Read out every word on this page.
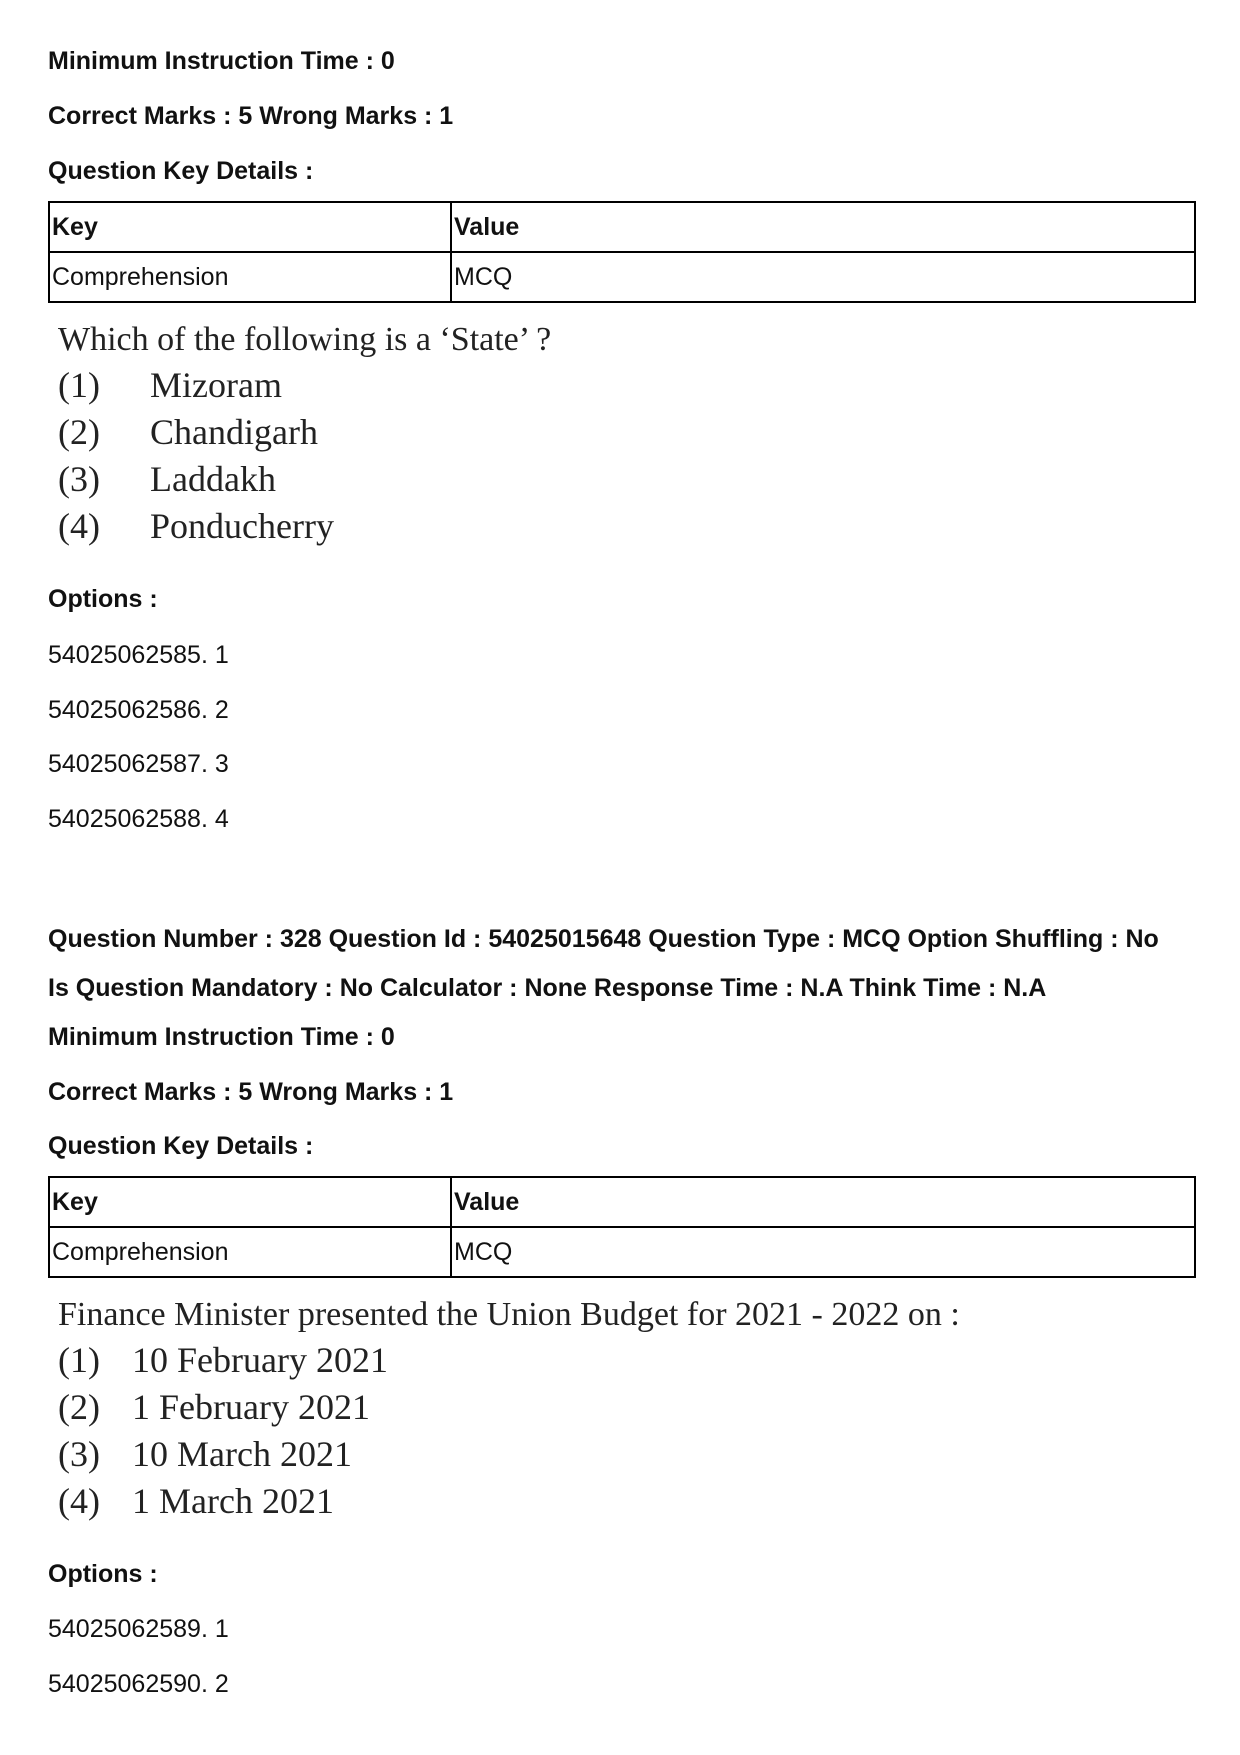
Minimum Instruction Time : 0
Correct Marks : 5 Wrong Marks : 1
Question Key Details :
Key	Value
Comprehension	MCQ
Which of the following is a ‘State’ ?
(1)	Mizoram
(2)	Chandigarh
(3)	Laddakh
(4)	Ponducherry
Options :
54025062585. 1
54025062586. 2
54025062587. 3
54025062588. 4
Question Number : 328 Question Id : 54025015648 Question Type : MCQ Option Shuffling : No
Is Question Mandatory : No Calculator : None Response Time : N.A Think Time : N.A
Minimum Instruction Time : 0
Correct Marks : 5 Wrong Marks : 1
Question Key Details :
Key	Value
Comprehension	MCQ
Finance Minister presented the Union Budget for 2021 - 2022 on :
(1) 10 February 2021
(2) 1 February 2021
(3) 10 March 2021
(4) 1 March 2021
Options :
54025062589. 1
54025062590. 2
